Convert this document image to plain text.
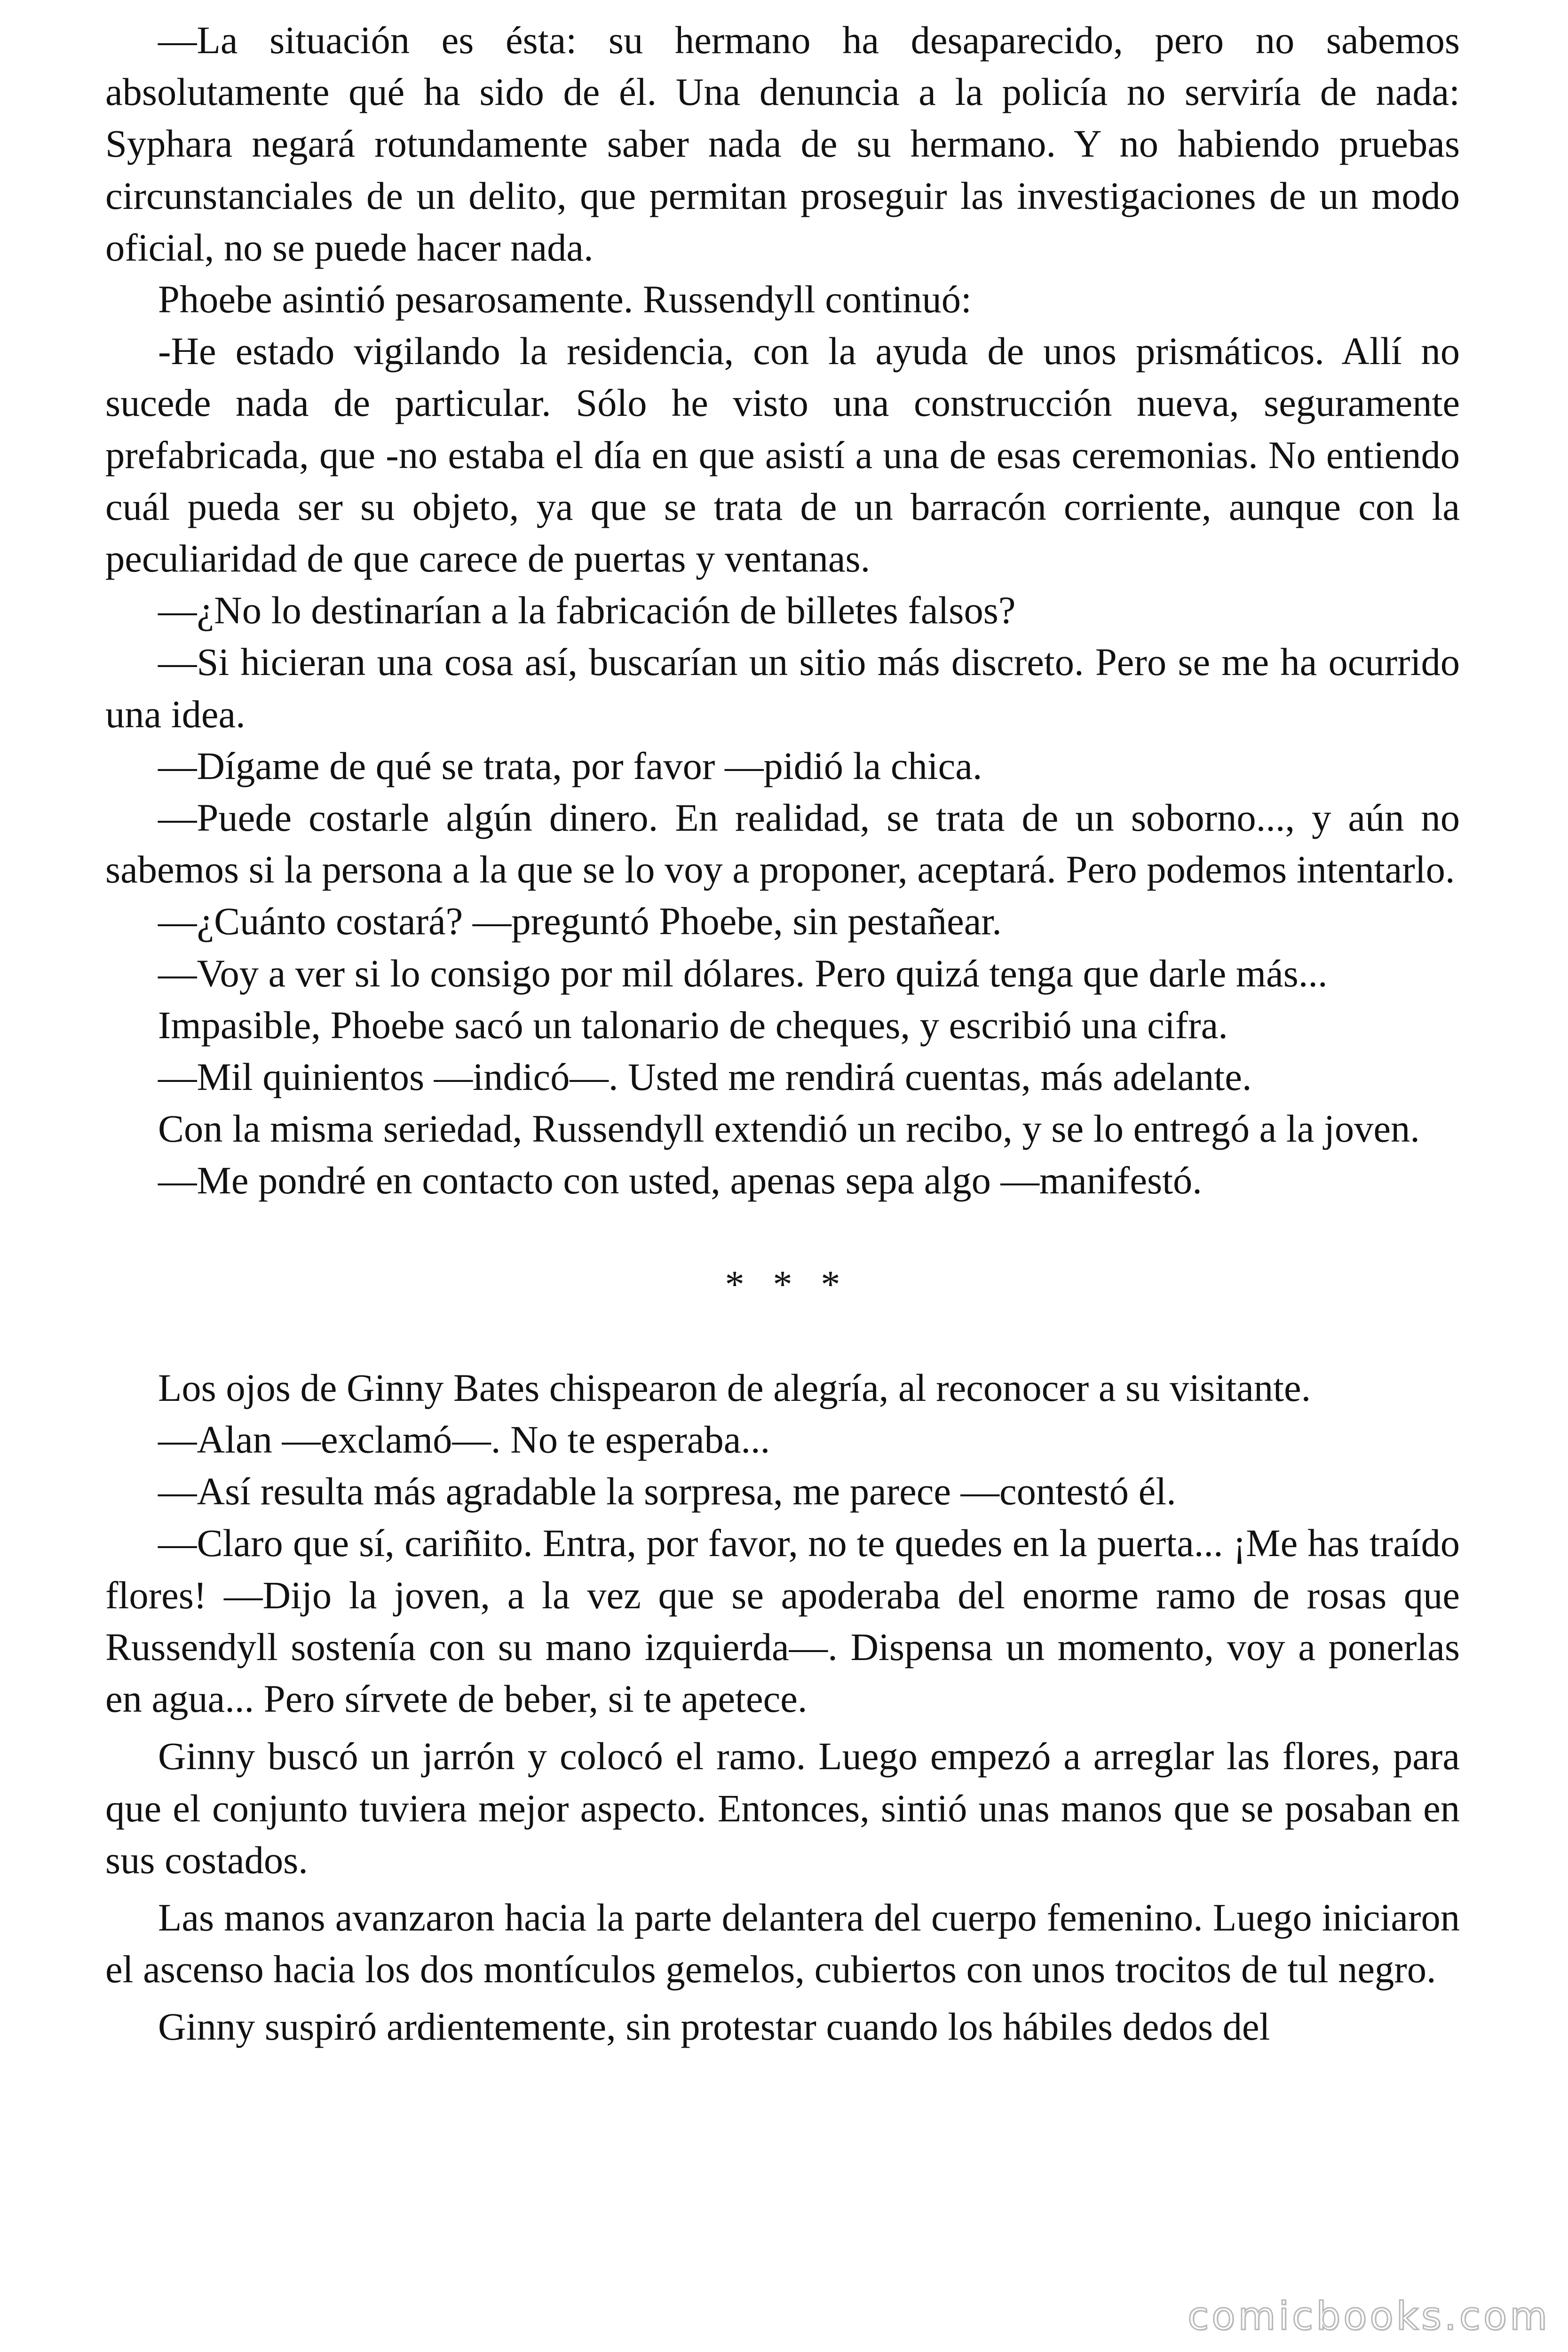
—La situación es ésta: su hermano ha desaparecido, pero no sabemos absolutamente qué ha sido de él. Una denuncia a la policía no serviría de nada: Syphara negará rotundamente saber nada de su hermano. Y no habiendo pruebas circunstanciales de un delito, que permitan proseguir las investigaciones de un modo oficial, no se puede hacer nada.

Phoebe asintió pesarosamente. Russendyll continuó:

-He estado vigilando la residencia, con la ayuda de unos prismáticos. Allí no sucede nada de particular. Sólo he visto una construcción nueva, seguramente prefabricada, que -no estaba el día en que asistí a una de esas ceremonias. No entiendo cuál pueda ser su objeto, ya que se trata de un barracón corriente, aunque con la peculiaridad de que carece de puertas y ventanas.

—¿No lo destinarían a la fabricación de billetes falsos?

—Si hicieran una cosa así, buscarían un sitio más discreto. Pero se me ha ocurrido una idea.

—Dígame de qué se trata, por favor —pidió la chica.

—Puede costarle algún dinero. En realidad, se trata de un soborno..., y aún no sabemos si la persona a la que se lo voy a proponer, aceptará. Pero podemos intentarlo.

—¿Cuánto costará? —preguntó Phoebe, sin pestañear.

—Voy a ver si lo consigo por mil dólares. Pero quizá tenga que darle más...

Impasible, Phoebe sacó un talonario de cheques, y escribió una cifra.

—Mil quinientos —indicó—. Usted me rendirá cuentas, más adelante.

Con la misma seriedad, Russendyll extendió un recibo, y se lo entregó a la joven.

—Me pondré en contacto con usted, apenas sepa algo —manifestó.

* * *

Los ojos de Ginny Bates chispearon de alegría, al reconocer a su visitante.

—Alan —exclamó—. No te esperaba...

—Así resulta más agradable la sorpresa, me parece —contestó él.

—Claro que sí, cariñito. Entra, por favor, no te quedes en la puerta... ¡Me has traído flores! —Dijo la joven, a la vez que se apoderaba del enorme ramo de rosas que Russendyll sostenía con su mano izquierda—. Dispensa un momento, voy a ponerlas en agua... Pero sírvete de beber, si te apetece.

Ginny buscó un jarrón y colocó el ramo. Luego empezó a arreglar las flores, para que el conjunto tuviera mejor aspecto. Entonces, sintió unas manos que se posaban en sus costados.

Las manos avanzaron hacia la parte delantera del cuerpo femenino. Luego iniciaron el ascenso hacia los dos montículos gemelos, cubiertos con unos trocitos de tul negro.

Ginny suspiró ardientemente, sin protestar cuando los hábiles dedos del

comicbooks.com
